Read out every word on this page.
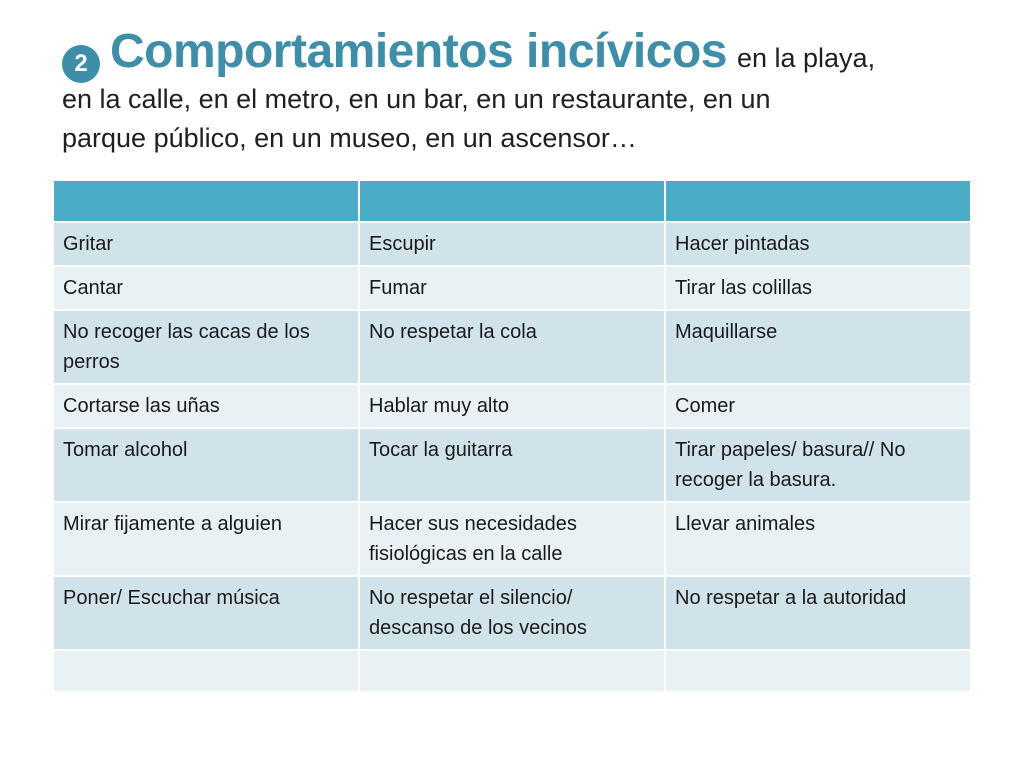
2 Comportamientos incívicos en la playa,
en la calle, en el metro, en un bar, en un restaurante, en un
parque público, en un museo, en un ascensor…

Gritar	Escupir	Hacer pintadas
Cantar	Fumar	Tirar las colillas
No recoger las cacas de los perros	No respetar la cola	Maquillarse
Cortarse las uñas	Hablar muy alto	Comer
Tomar alcohol	Tocar la guitarra	Tirar papeles/ basura// No recoger la basura.
Mirar fijamente a alguien	Hacer sus necesidades fisiológicas en la calle	Llevar animales
Poner/ Escuchar música	No respetar el silencio/ descanso de los vecinos	No respetar a la autoridad
